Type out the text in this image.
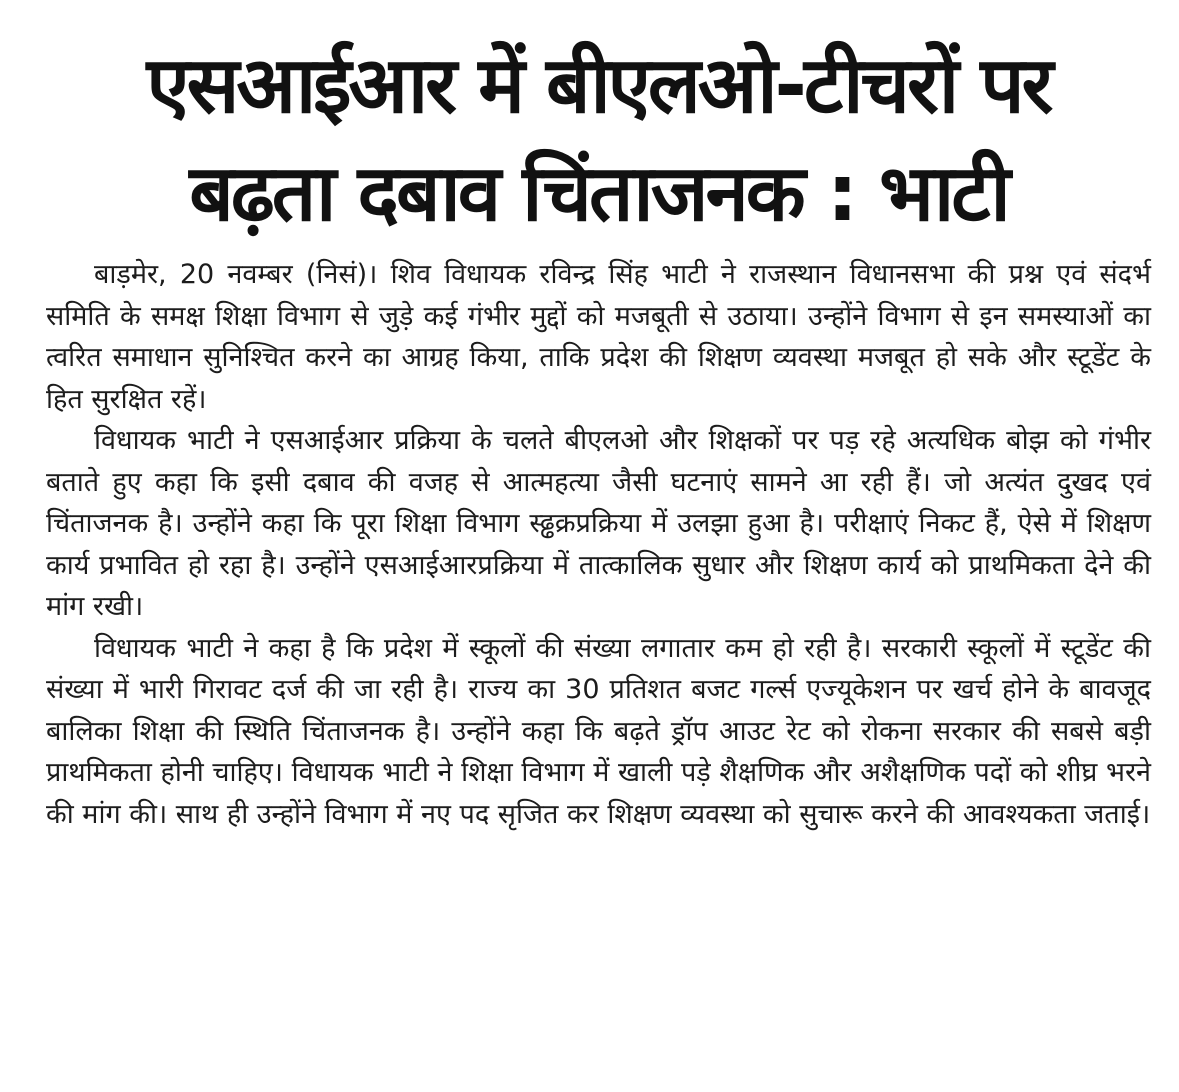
एसआईआर में बीएलओ-टीचरों पर
बढ़ता दबाव चिंताजनक : भाटी

बाड़मेर, 20 नवम्बर (निसं)। शिव विधायक रविन्द्र सिंह भाटी ने राजस्थान विधानसभा की प्रश्न एवं संदर्भ समिति के समक्ष शिक्षा विभाग से जुड़े कई गंभीर मुद्दों को मजबूती से उठाया। उन्होंने विभाग से इन समस्याओं का त्वरित समाधान सुनिश्चित करने का आग्रह किया, ताकि प्रदेश की शिक्षण व्यवस्था मजबूत हो सके और स्टूडेंट के हित सुरक्षित रहें।

विधायक भाटी ने एसआईआर प्रक्रिया के चलते बीएलओ और शिक्षकों पर पड़ रहे अत्यधिक बोझ को गंभीर बताते हुए कहा कि इसी दबाव की वजह से आत्महत्या जैसी घटनाएं सामने आ रही हैं। जो अत्यंत दुखद एवं चिंताजनक है। उन्होंने कहा कि पूरा शिक्षा विभाग स्ढ्ढक्रप्रक्रिया में उलझा हुआ है। परीक्षाएं निकट हैं, ऐसे में शिक्षण कार्य प्रभावित हो रहा है। उन्होंने एसआईआरप्रक्रिया में तात्कालिक सुधार और शिक्षण कार्य को प्राथमिकता देने की मांग रखी।

विधायक भाटी ने कहा है कि प्रदेश में स्कूलों की संख्या लगातार कम हो रही है। सरकारी स्कूलों में स्टूडेंट की संख्या में भारी गिरावट दर्ज की जा रही है। राज्य का 30 प्रतिशत बजट गर्ल्स एज्यूकेशन पर खर्च होने के बावजूद बालिका शिक्षा की स्थिति चिंताजनक है। उन्होंने कहा कि बढ़ते ड्रॉप आउट रेट को रोकना सरकार की सबसे बड़ी प्राथमिकता होनी चाहिए। विधायक भाटी ने शिक्षा विभाग में खाली पड़े शैक्षणिक और अशैक्षणिक पदों को शीघ्र भरने की मांग की। साथ ही उन्होंने विभाग में नए पद सृजित कर शिक्षण व्यवस्था को सुचारू करने की आवश्यकता जताई।
